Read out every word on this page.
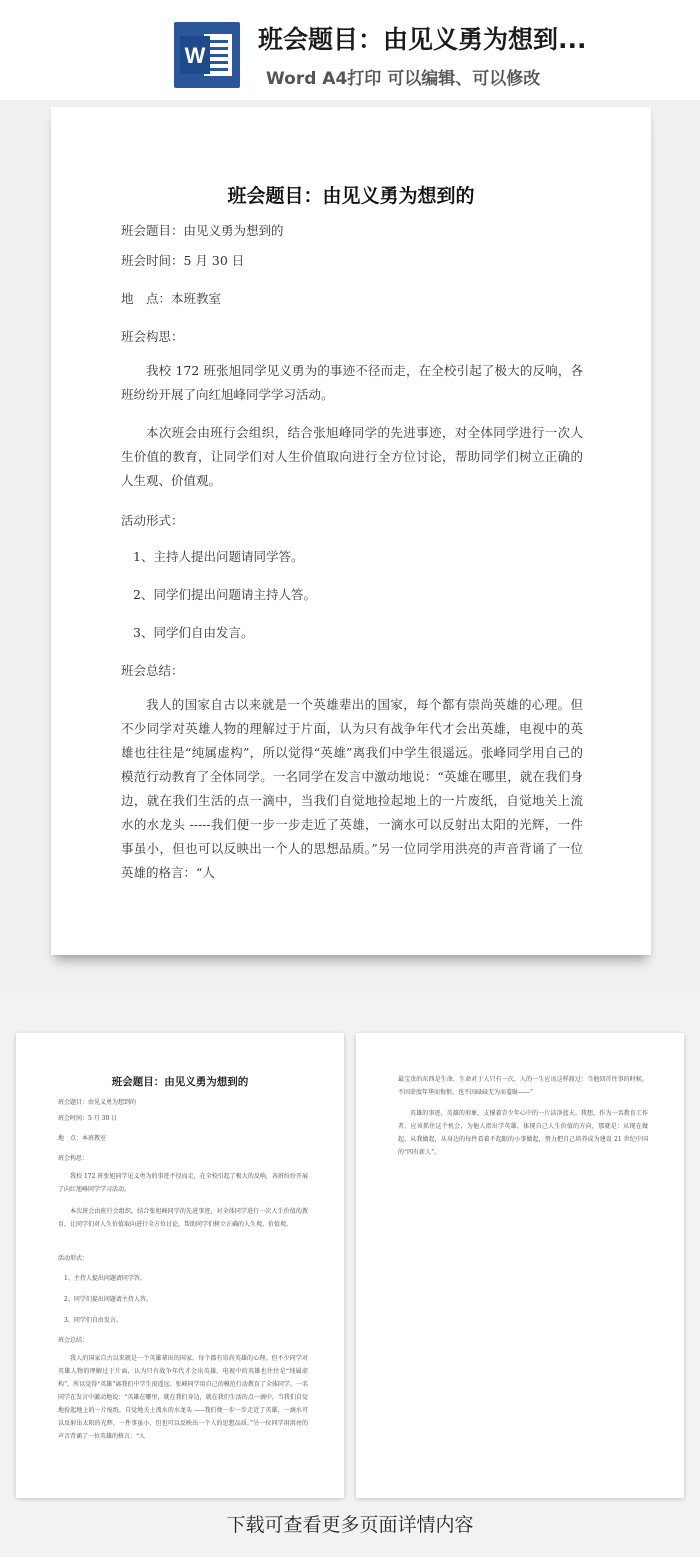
W
班会题目：由见义勇为想到...
Word A4打印 可以编辑、可以修改
班会题目：由见义勇为想到的
班会题目：由见义勇为想到的
班会时间：5 月 30 日
地　点：本班教室
班会构思：
我校 172 班张旭同学见义勇为的事迹不径而走，在全校引起了极大的反响，各班纷纷开展了向红旭峰同学学习活动。
本次班会由班行会组织，结合张旭峰同学的先进事迹，对全体同学进行一次人生价值的教育，让同学们对人生价值取向进行全方位讨论，帮助同学们树立正确的人生观、价值观。
活动形式：
1、主持人提出问题请同学答。
2、同学们提出问题请主持人答。
3、同学们自由发言。
班会总结：
我人的国家自古以来就是一个英雄辈出的国家，每个都有崇尚英雄的心理。但不少同学对英雄人物的理解过于片面，认为只有战争年代才会出英雄，电视中的英雄也往往是“纯属虚构”，所以觉得“英雄”离我们中学生很遥远。张峰同学用自己的模范行动教育了全体同学。一名同学在发言中激动地说：“英雄在哪里，就在我们身边，就在我们生活的点一滴中，当我们自觉地捡起地上的一片废纸，自觉地关上流水的水龙头 -----我们便一步一步走近了英雄，一滴水可以反射出太阳的光辉，一件事虽小，但也可以反映出一个人的思想品质。”另一位同学用洪亮的声音背诵了一位英雄的格言：“人
班会题目：由见义勇为想到的
班会题目：由见义勇为想到的
班会时间：5 月 30 日
地　点：本班教室
班会构思：
我校 172 班张旭同学见义勇为的事迹不径而走，在全校引起了极大的反响，各班纷纷开展了向红旭峰同学学习活动。
本次班会由班行会组织，结合张旭峰同学的先进事迹，对全体同学进行一次人生价值的教育，让同学们对人生价值取向进行全方位讨论，帮助同学们树立正确的人生观、价值观。
活动形式：
1、主持人提出问题请同学答。
2、同学们提出问题请主持人答。
3、同学们自由发言。
班会总结：
我人的国家自古以来就是一个英雄辈出的国家，每个都有崇尚英雄的心理。但不少同学对英雄人物的理解过于片面，认为只有战争年代才会出英雄，电视中的英雄也往往是“纯属虚构”，所以觉得“英雄”离我们中学生很遥远。张峰同学用自己的模范行动教育了全体同学。一名同学在发言中激动地说：“英雄在哪里，就在我们身边，就在我们生活的点一滴中，当我们自觉地捡起地上的一片废纸，自觉地关上流水的水龙头 -----我们便一步一步走近了英雄，一滴水可以反射出太阳的光辉，一件事虽小，但也可以反映出一个人的思想品质。”另一位同学用洪亮的声音背诵了一位英雄的格言：“人
最宝贵的东西是生命，生命对于人只有一次，人的一生应该这样渡过：当他回首往事的时候，不因虚度年华而悔恨，也不因碌碌无为而羞耻——”
英雄的事迹，英雄的形象，支撑着青少年心中的一片洁净蓝天。我想，作为一名教育工作者，应该抓住这个机会，为他人指出学英雄，体现自己人生价值的方向，那就是：从现在做起，从我做起，从身边的每件看着不起眼的小事做起，努力把自己培养成为建设 21 世纪中国的“四有新人”。
下载可查看更多页面详情内容
